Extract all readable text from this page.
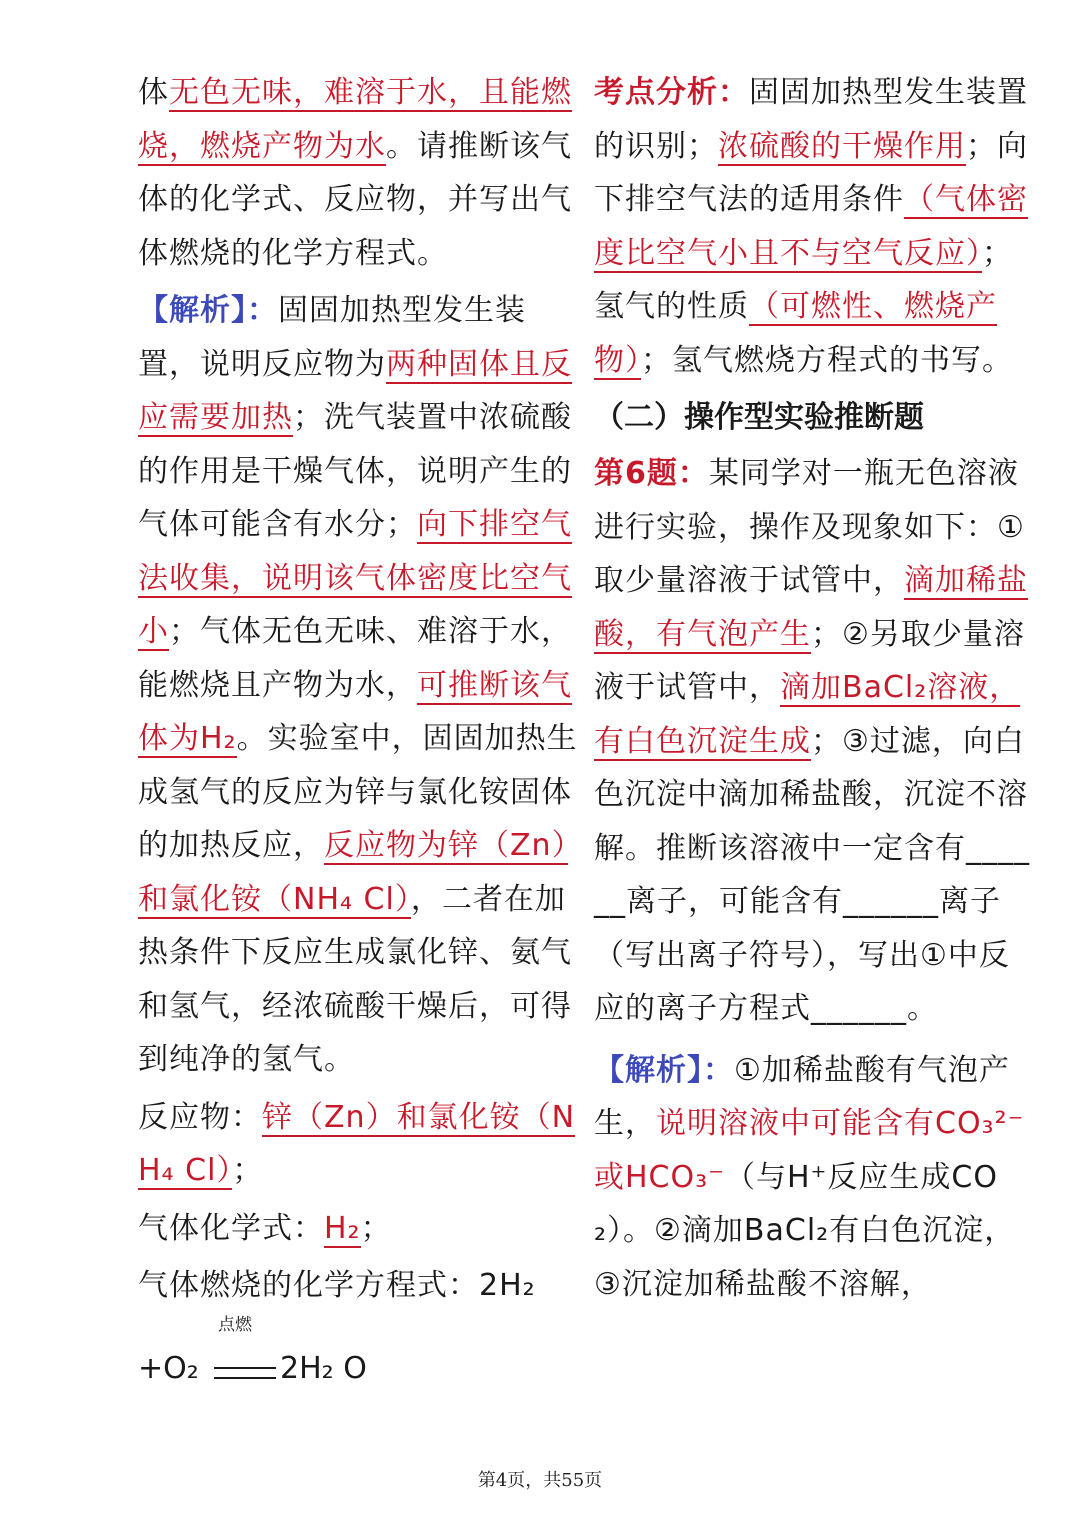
体无色无味，难溶于水，且能燃烧，燃烧产物为水。请推断该气体的化学式、反应物，并写出气体燃烧的化学方程式。

【解析】：固固加热型发生装置，说明反应物为两种固体且反应需要加热；洗气装置中浓硫酸的作用是干燥气体，说明产生的气体可能含有水分；向下排空气法收集，说明该气体密度比空气小；气体无色无味、难溶于水，能燃烧且产物为水，可推断该气体为H₂。实验室中，固固加热生成氢气的反应为锌与氯化铵固体的加热反应，反应物为锌（Zn）和氯化铵（NH₄ Cl），二者在加热条件下反应生成氯化锌、氨气和氢气，经浓硫酸干燥后，可得到纯净的氢气。

反应物：锌（Zn）和氯化铵（NH₄ Cl）；

气体化学式：H₂；

气体燃烧的化学方程式：2H₂

+O₂
点燃
2H₂ O

考点分析：固固加热型发生装置的识别；浓硫酸的干燥作用；向下排空气法的适用条件（气体密度比空气小且不与空气反应）；氢气的性质（可燃性、燃烧产物）；氢气燃烧方程式的书写。

（二）操作型实验推断题

第6题：某同学对一瓶无色溶液进行实验，操作及现象如下：①取少量溶液于试管中，滴加稀盐酸，有气泡产生；②另取少量溶液于试管中，滴加BaCl₂溶液，有白色沉淀生成；③过滤，向白色沉淀中滴加稀盐酸，沉淀不溶解。推断该溶液中一定含有______离子，可能含有______离子（写出离子符号），写出①中反应的离子方程式______。

【解析】：①加稀盐酸有气泡产生，说明溶液中可能含有CO₃²⁻或HCO₃⁻（与H⁺反应生成CO₂）。②滴加BaCl₂有白色沉淀，③沉淀加稀盐酸不溶解，

第4页，共55页
